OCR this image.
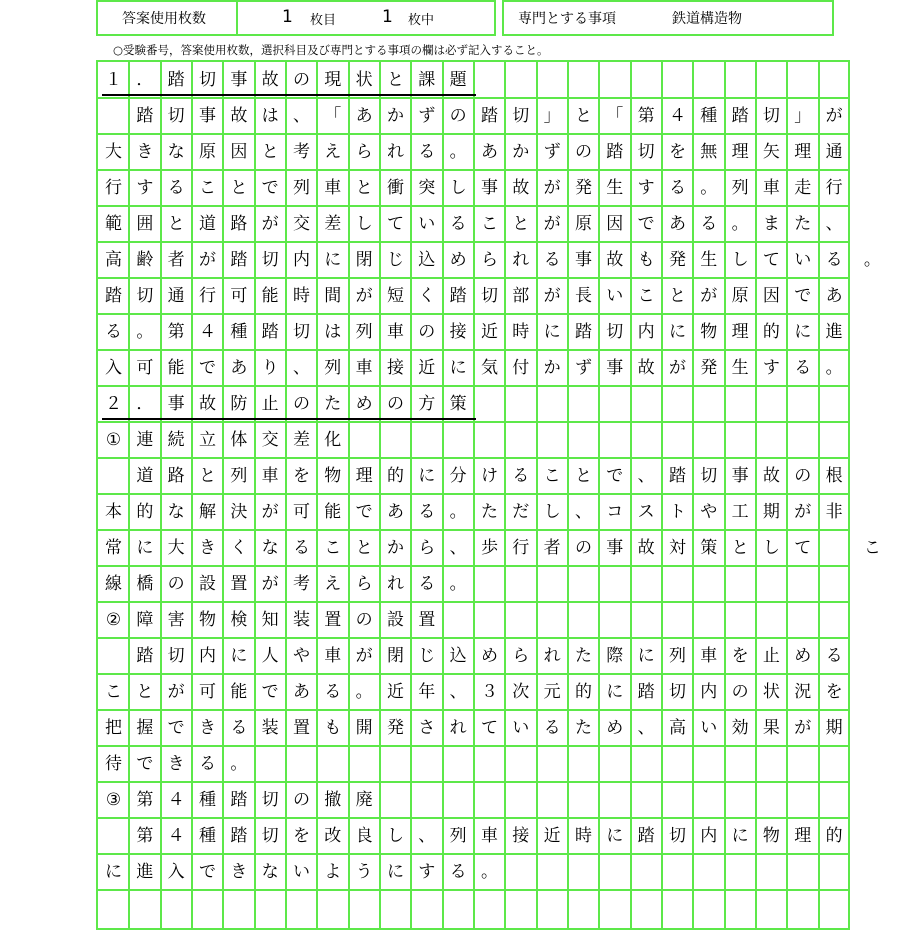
答案使用枚数	1 枚目	1 枚中	専門とする事項	鉄道構造物
○受験番号，答案使用枚数，選択科目及び専門とする事項の欄は必ず記入すること。
１ ． 踏 切 事 故 の 現 状 と 課 題
踏 切 事 故 は 、 「 あ か ず の 踏 切 」 と 「 第 ４ 種 踏 切 」 が
大 き な 原 因 と 考 え ら れ る 。 あ か ず の 踏 切 を 無 理 矢 理 通
行 す る こ と で 列 車 と 衝 突 し 事 故 が 発 生 す る 。 列 車 走 行
範 囲 と 道 路 が 交 差 し て い る こ と が 原 因 で あ る 。 ま た 、
高 齢 者 が 踏 切 内 に 閉 じ 込 め ら れ る 事 故 も 発 生 し て い る	。
踏 切 通 行 可 能 時 間 が 短 く 踏 切 部 が 長 い こ と が 原 因 で あ
る 。 第 ４ 種 踏 切 は 列 車 の 接 近 時 に 踏 切 内 に 物 理 的 に 進
入 可 能 で あ り 、 列 車 接 近 に 気 付 か ず 事 故 が 発 生 す る 。
２ ． 事 故 防 止 の た め の 方 策
① 連 続 立 体 交 差 化
道 路 と 列 車 を 物 理 的 に 分 け る こ と で 、 踏 切 事 故 の 根
本 的 な 解 決 が 可 能 で あ る 。 た だ し 、 コ ス ト や 工 期 が 非
常 に 大 き く な る こ と か ら 、 歩 行 者 の 事 故 対 策 と し て	こ
線 橋 の 設 置 が 考 え ら れ る 。
② 障 害 物 検 知 装 置 の 設 置
踏 切 内 に 人 や 車 が 閉 じ 込 め ら れ た 際 に 列 車 を 止 め る
こ と が 可 能 で あ る 。 近 年 、 ３ 次 元 的 に 踏 切 内 の 状 況 を
把 握 で き る 装 置 も 開 発 さ れ て い る た め 、 高 い 効 果 が 期
待 で き る 。
③ 第 ４ 種 踏 切 の 撤 廃
第 ４ 種 踏 切 を 改 良 し 、 列 車 接 近 時 に 踏 切 内 に 物 理 的
に 進 入 で き な い よ う に す る 。
